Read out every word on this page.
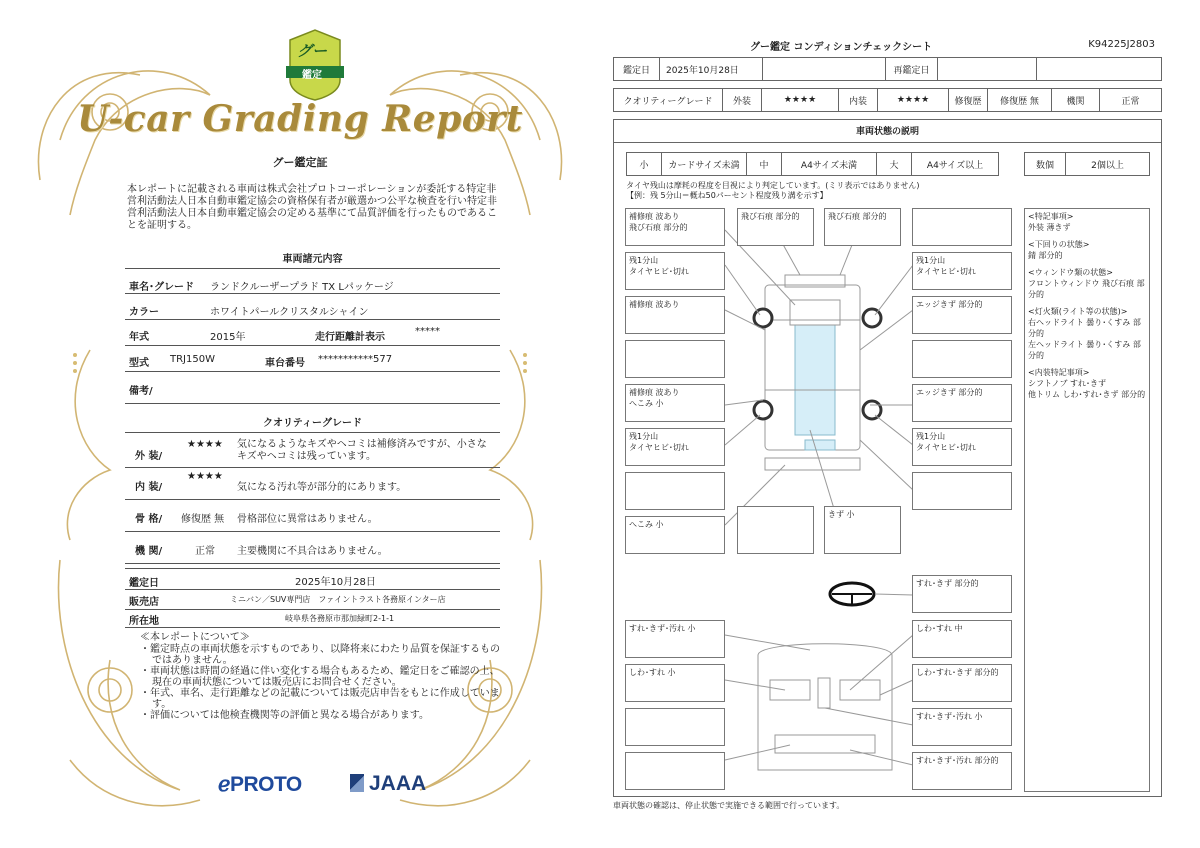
グー
鑑定
U-car Grading Report
グー鑑定証
本レポートに記載される車両は株式会社プロトコーポレーションが委託する特定非営利活動法人日本自動車鑑定協会の資格保有者が厳選かつ公平な検査を行い特定非営利活動法人日本自動車鑑定協会の定める基準にて品質評価を行ったものであることを証明する。
車両諸元内容
車名･グレード ランドクルーザープラド TX Lパッケージ
カラー	ホワイトパールクリスタルシャイン
年式	2015年	走行距離計表示
*****
型式 TRJ150W	車台番号 ***********577
備考/
クオリティーグレード
外 装/
★★★★ 気になるようなキズやヘコミは補修済みですが、小さなキズやヘコミは残っています。
内 装/
★★★★
気になる汚れ等が部分的にあります。
骨 格/ 修復歴 無 骨格部位に異常はありません。
機 関/	正常 主要機関に不具合はありません。
鑑定日	2025年10月28日
販売店	ミニバン／SUV専門店　ファイントラスト各務原インター店
所在地	岐阜県各務原市那加緑町2-1-1
≪本レポートについて≫
・鑑定時点の車両状態を示すものであり、以降将来にわたり品質を保証するものではありません。
・車両状態は時間の経過に伴い変化する場合もあるため、鑑定日をご確認の上、現在の車両状態については販売店にお問合せください。
・年式、車名、走行距離などの記載については販売店申告をもとに作成しています。
・評価については他検査機関等の評価と異なる場合があります。
ℯPROTO	JAAA
グー鑑定 コンディションチェックシート	K94225J2803
鑑定日	2025年10月28日	再鑑定日
クオリティーグレード	外装	★★★★	内装	★★★★	修復歴	修復歴 無	機関	正常
車両状態の説明
小	カードサイズ未満	中	A4サイズ未満	大	A4サイズ以上	数個	2個以上
タイヤ残山は摩耗の程度を目視により判定しています。(ミリ表示ではありません)
【例：残 5分山＝概ね50パーセント程度残り溝を示す】
補修痕 波あり
飛び石痕 部分的
飛び石痕 部分的	飛び石痕 部分的
残1分山
タイヤヒビ･切れ
残1分山
タイヤヒビ･切れ
補修痕 波あり	エッジきず 部分的
補修痕 波あり
へこみ 小
エッジきず 部分的
残1分山
タイヤヒビ･切れ
残1分山
タイヤヒビ･切れ
へこみ 小
きず 小
すれ･きず 部分的
すれ･きず･汚れ 小	しわ･すれ 中
しわ･すれ 小	しわ･すれ･きず 部分的
すれ･きず･汚れ 小
すれ･きず･汚れ 部分的
<特記事項>
外装 薄きず
<下回りの状態>
錆 部分的
<ウィンドウ類の状態>
フロントウィンドウ 飛び石痕 部分的
<灯火類(ライト等の状態)>
右ヘッドライト 曇り･くすみ 部分的
左ヘッドライト 曇り･くすみ 部分的
<内装特記事項>
シフトノブ すれ･きず
他トリム しわ･すれ･きず 部分的
車両状態の確認は、停止状態で実施できる範囲で行っています。
